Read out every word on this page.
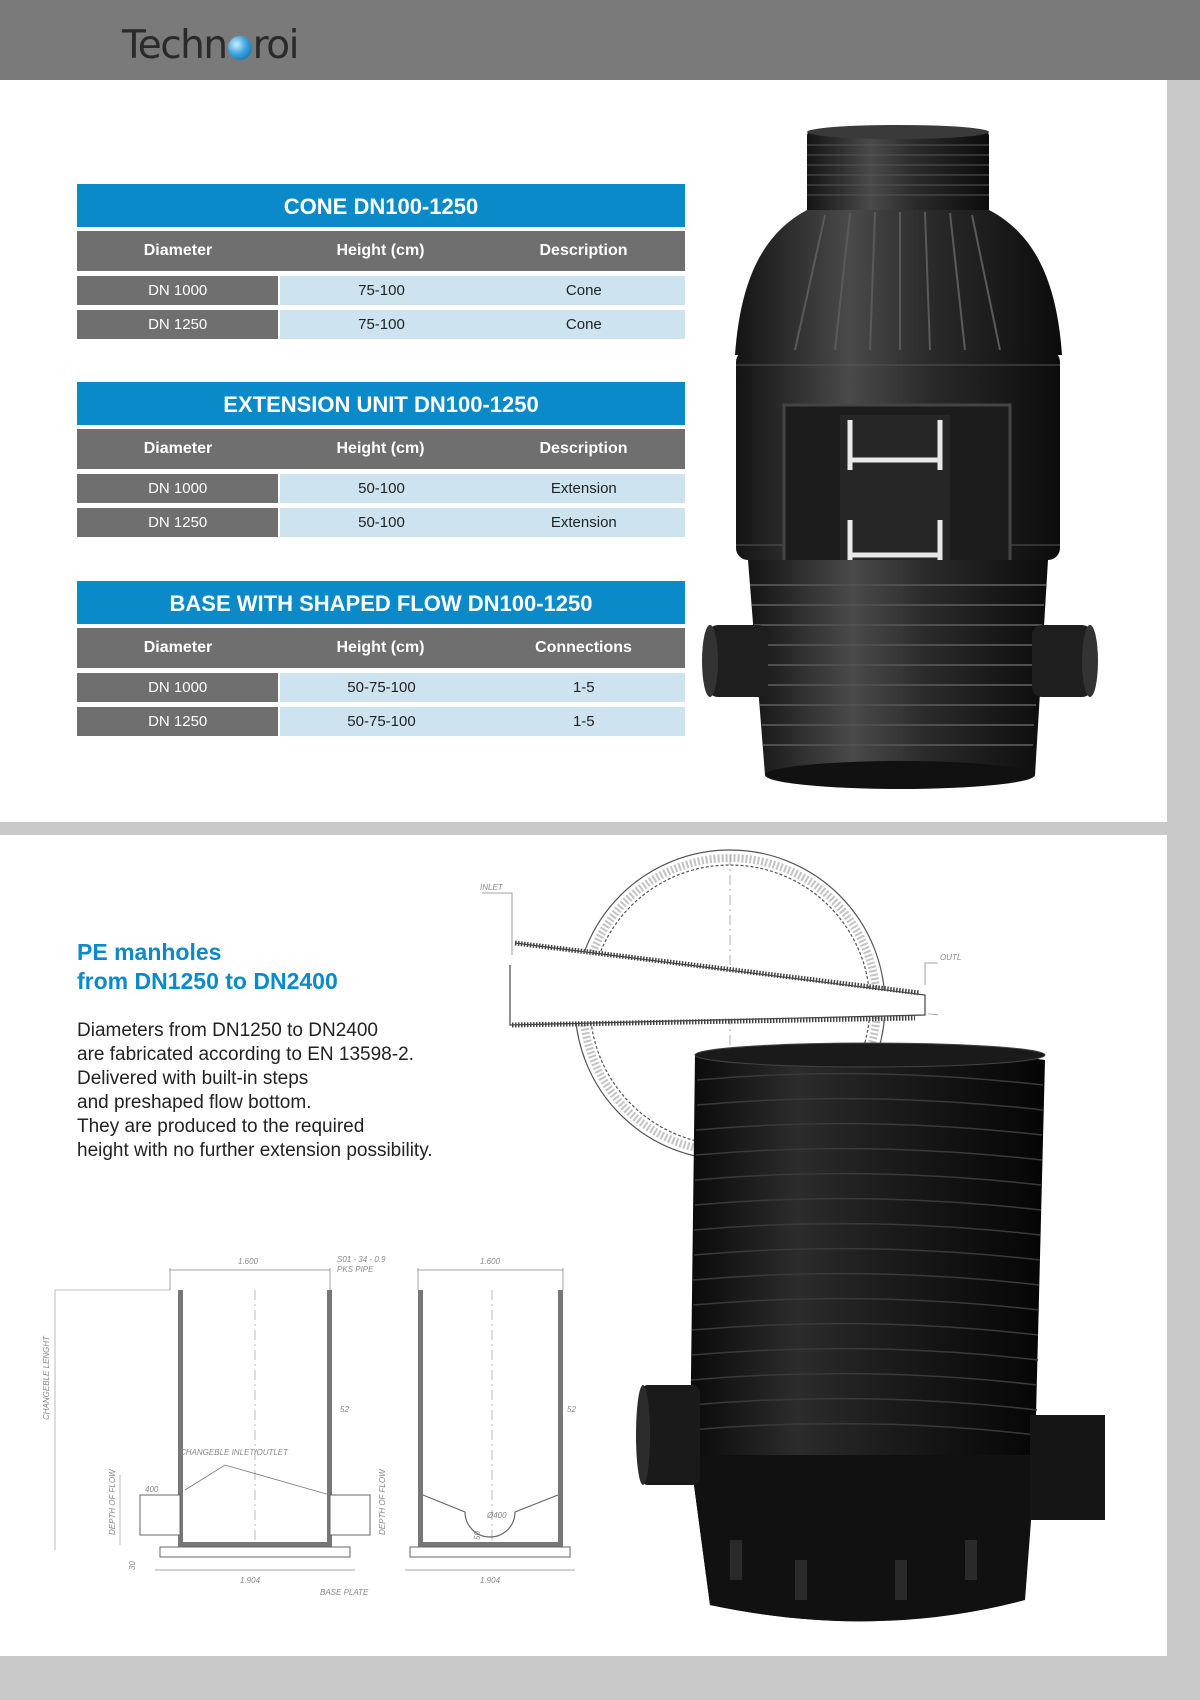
Techn roi
CONE DN100-1250
Diameter	Height (cm)	Description
DN 1000	75-100	Cone
DN 1250	75-100	Cone
EXTENSION UNIT DN100-1250
Diameter	Height (cm)	Description
DN 1000	50-100	Extension
DN 1250	50-100	Extension
BASE WITH SHAPED FLOW DN100-1250
Diameter	Height (cm)	Connections
DN 1000	50-75-100	1-5
DN 1250	50-75-100	1-5
PE manholes
from DN1250 to DN2400
Diameters from DN1250 to DN2400
are fabricated according to EN 13598-2.
Delivered with built-in steps
and preshaped flow bottom.
They are produced to the required
height with no further extension possibility.
INLET
OUTL
CHANGEBLE LENGHT
1.600
CHANGEBLE INLET/OUTLET
400
DEPTH OF FLOW
S01 - 34 - 0.9
PKS PIPE
52
1.904
30
BASE PLATE
1.600
Ø400
DEPTH OF FLOW
52
50
1.904
